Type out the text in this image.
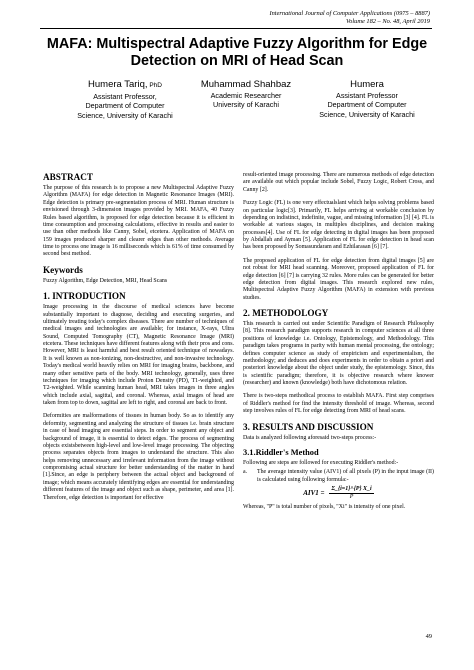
International Journal of Computer Applications (0975 – 8887)
Volume 182 – No. 48, April 2019
MAFA: Multispectral Adaptive Fuzzy Algorithm for Edge
Detection on MRI of Head Scan
Humera Tariq, PhD
Assistant Professor,
Department of Computer
Science, University of Karachi
Muhammad Shahbaz
Academic Researcher
University of Karachi
Humera
Assistant Professor
Department of Computer
Science, University of Karachi
ABSTRACT

The purpose of this research is to propose a new Multispectral Adaptive Fuzzy Algorithm (MAFA) for edge detection in Magnetic Resonance Images (MRI). Edge detection is primary pre-segmentation process of MRI. Human structure is envisioned through 3-dimension images provided by MRI. MAFA, 40 Fuzzy Rules based algorithm, is proposed for edge detection because it is efficient in time consumption and processing calculations, effective in results and easier to use than other methods like Canny, Sobel, etcetera. Application of MAFA on 159 images produced sharper and clearer edges than other methods. Average time to process one image is 16 milliseconds which is 61% of time consumed by second best method.

Keywords

Fuzzy Algorithm, Edge Detection, MRI, Head Scans

1. INTRODUCTION

Image processing in the discourse of medical sciences have become substantially important to diagnose, deciding and executing surgeries, and ultimately treating today's complex diseases. There are number of techniques of medical images and technologies are available; for instance, X-rays, Ultra Sound, Computed Tomography (CT), Magnetic Resonance Image (MRI) etcetera. These techniques have different features along with their pros and cons. However, MRI is least harmful and best result oriented technique of nowadays. It is well known as non-ionizing, non-destructive, and non-invasive technology. Today's medical world heavily relies on MRI for imaging brains, backbone, and many other sensitive parts of the body. MRI technology, generally, uses three techniques for imaging which include Proton Density (PD), T1-weighted, and T2-weighted. While scanning human head, MRI takes images in three angles which include axial, sagittal, and coronal. Whereas, axial images of head are taken from top to down, sagittal are left to right, and coronal are back to front.

Deformities are malformations of tissues in human body. So as to identify any deformity, segmenting and analyzing the structure of tissues i.e. brain structure in case of head imaging are essential steps. In order to segment any object and background of image, it is essential to detect edges. The process of segmenting objects existsbetween high-level and low-level image processing. The objecting process separates objects from images to understand the structure. This also helps removing unnecessary and irrelevant information from the image without compromising actual structure for better understanding of the matter in hand [1].Since, an edge is periphery between the actual object and background of image; which means accurately identifying edges are essential for understanding different features of the image and object such as shape, perimeter, and area [1]. Therefore, edge detection is important for effective

result-oriented image processing. There are numerous methods of edge detection are available out which popular include Sobel, Fuzzy Logic, Robert Cross, and Canny [2].

Fuzzy Logic (FL) is one very effectualslant which helps solving problems based on particular logic[3]. Primarily, FL helps arriving at workable conclusion by depending on indistinct, indefinite, vague, and missing information [3] [4]. FL is workable at various stages, in multiples disciplines, and decision making processes[4]. Use of FL for edge detecting in digital images has been proposed by Abdallah and Ayman [5]. Application of FL for edge detection in head scan has been proposed by Somasundaram and Ezhilarasan [6] [7].

The proposed application of FL for edge detection from digital images [5] are not robust for MRI head scanning. Moreover, proposed application of FL for edge detection [6] [7] is carrying 32 rules. More rules can be generated for better edge detection from digital images. This research explored new rules, Multispectral Adaptive Fuzzy Algorithm (MAFA) in extension with previous studies.

2. METHODOLOGY

This research is carried out under Scientific Paradigm of Research Philosophy [8]. This research paradigm supports research in computer sciences at all three positions of knowledge i.e. Ontology, Epistemology, and Methodology. This paradigm takes programs in parity with human mental processing, the ontology; defines computer science as study of empiricism and experimentalism, the methodology; and deduces and does experiments in order to obtain a priori and posteriori knowledge about the object under study, the epistemology. Since, this is scientific paradigm; therefore, it is objective research where knower (researcher) and known (knowledge) both have dichotomous relation.

There is two-steps methodical process to establish MAFA. First step comprises of Riddler's method for find the intensity threshold of image. Whereas, second step involves rules of FL for edge detecting from MRI of head scans.

3. RESULTS AND DISCUSSION

Data is analyzed following aforesaid two-steps process:-

3.1.Riddler's Method

Following are steps are followed for executing Riddler's method:-

a. The average intensity value (AIV1) of all pixels (P) in the input image (II) is calculated using following formula:-
$AIV1 = \frac{\Sigma\_\{i=1\}\^{}\{P\} X\_i}{P}$

Whereas, "P" is total number of pixels, "Xi" is intensity of one pixel.

49
